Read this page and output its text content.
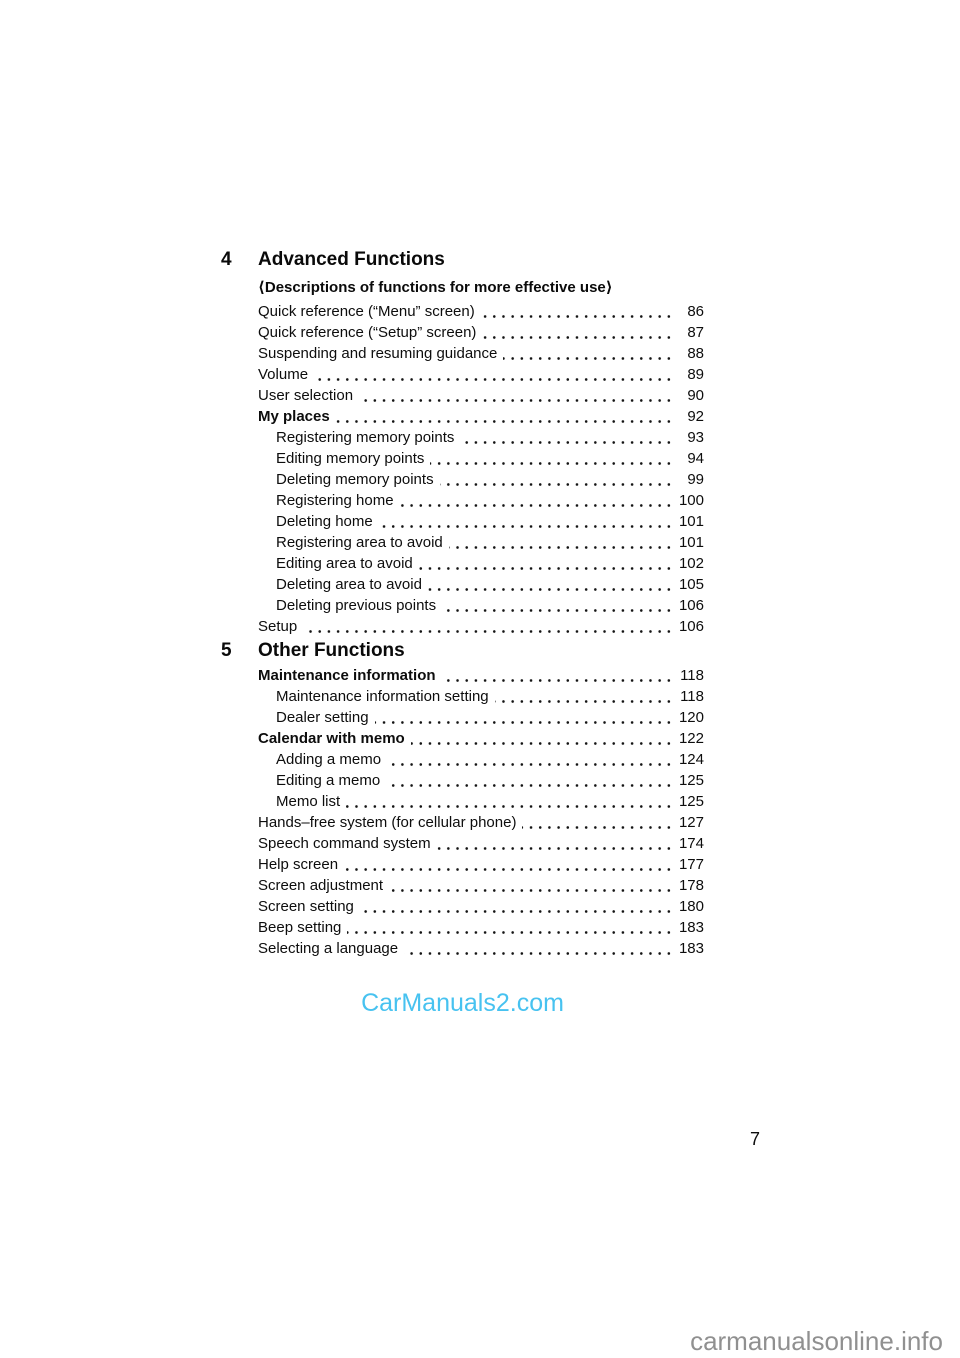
4	Advanced Functions
⟨Descriptions of functions for more effective use⟩
Quick reference (“Menu” screen)	86
Quick reference (“Setup” screen)	87
Suspending and resuming guidance	88
Volume	89
User selection	90
My places	92
Registering memory points	93
Editing memory points	94
Deleting memory points	99
Registering home	100
Deleting home	101
Registering area to avoid	101
Editing area to avoid	102
Deleting area to avoid	105
Deleting previous points	106
Setup	106
5	Other Functions
Maintenance information	118
Maintenance information setting	118
Dealer setting	120
Calendar with memo	122
Adding a memo	124
Editing a memo	125
Memo list	125
Hands–free system (for cellular phone)	127
Speech command system	174
Help screen	177
Screen adjustment	178
Screen setting	180
Beep setting	183
Selecting a language	183
CarManuals2.com
7
carmanualsonline.info
